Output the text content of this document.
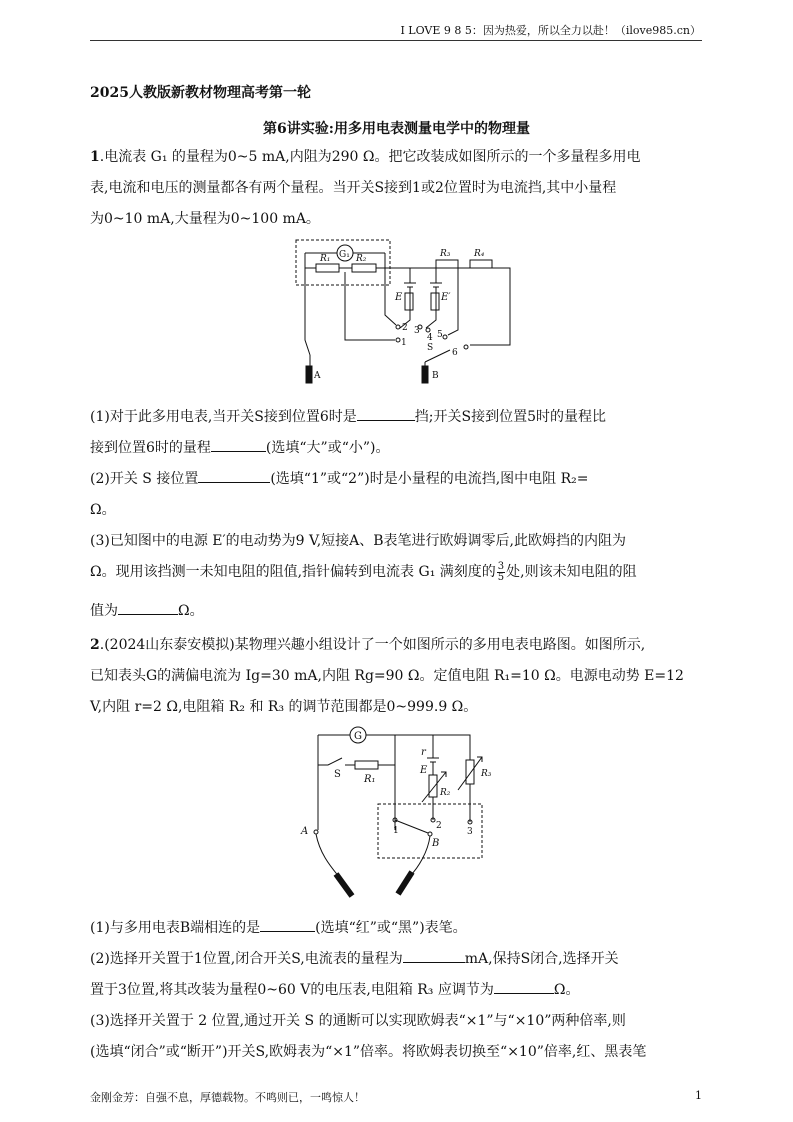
I LOVE 9 8 5：因为热爱，所以全力以赴！（ilove985.cn）
2025人教版新教材物理高考第一轮
第6讲实验:用多用电表测量电学中的物理量
1.电流表 G₁ 的量程为0~5 mA,内阻为290 Ω。把它改装成如图所示的一个多量程多用电
表,电流和电压的测量都各有两个量程。当开关S接到1或2位置时为电流挡,其中小量程
为0~10 mA,大量程为0~100 mA。
G₁
R₁	R₂	R₄
R₃
E	E′
1
2 3
4 5
6
S
A	B
(1)对于此多用电表,当开关S接到位置6时是	挡;开关S接到位置5时的量程比
接到位置6时的量程	(选填“大”或“小”)。
(2)开关 S 接位置	(选填“1”或“2”)时是小量程的电流挡,图中电阻 R₂=
Ω。
(3)已知图中的电源 E′的电动势为9 V,短接A、B表笔进行欧姆调零后,此欧姆挡的内阻为
Ω。现用该挡测一未知电阻的阻值,指针偏转到电流表 G₁ 满刻度的 $\frac{3}{5}$ 处,则该未知电阻的阻
值为	Ω。
2.(2024山东泰安模拟)某物理兴趣小组设计了一个如图所示的多用电表电路图。如图所示,
已知表头G的满偏电流为 Ig=30 mA,内阻 Rg=90 Ω。定值电阻 R₁=10 Ω。电源电动势 E=12
V,内阻 r=2 Ω,电阻箱 R₂ 和 R₃ 的调节范围都是0~999.9 Ω。
G
S R₁
r
E
R₂
R₃
1	2
3
B
A
(1)与多用电表B端相连的是	(选填“红”或“黑”)表笔。
(2)选择开关置于1位置,闭合开关S,电流表的量程为	mA,保持S闭合,选择开关
置于3位置,将其改装为量程0~60 V的电压表,电阻箱 R₃ 应调节为	Ω。
(3)选择开关置于 2 位置,通过开关 S 的通断可以实现欧姆表“×1”与“×10”两种倍率,则
(选填“闭合”或“断开”)开关S,欧姆表为“×1”倍率。将欧姆表切换至“×10”倍率,红、黑表笔
金刚金芳：自强不息，厚德载物。不鸣则已，一鸣惊人！	1
